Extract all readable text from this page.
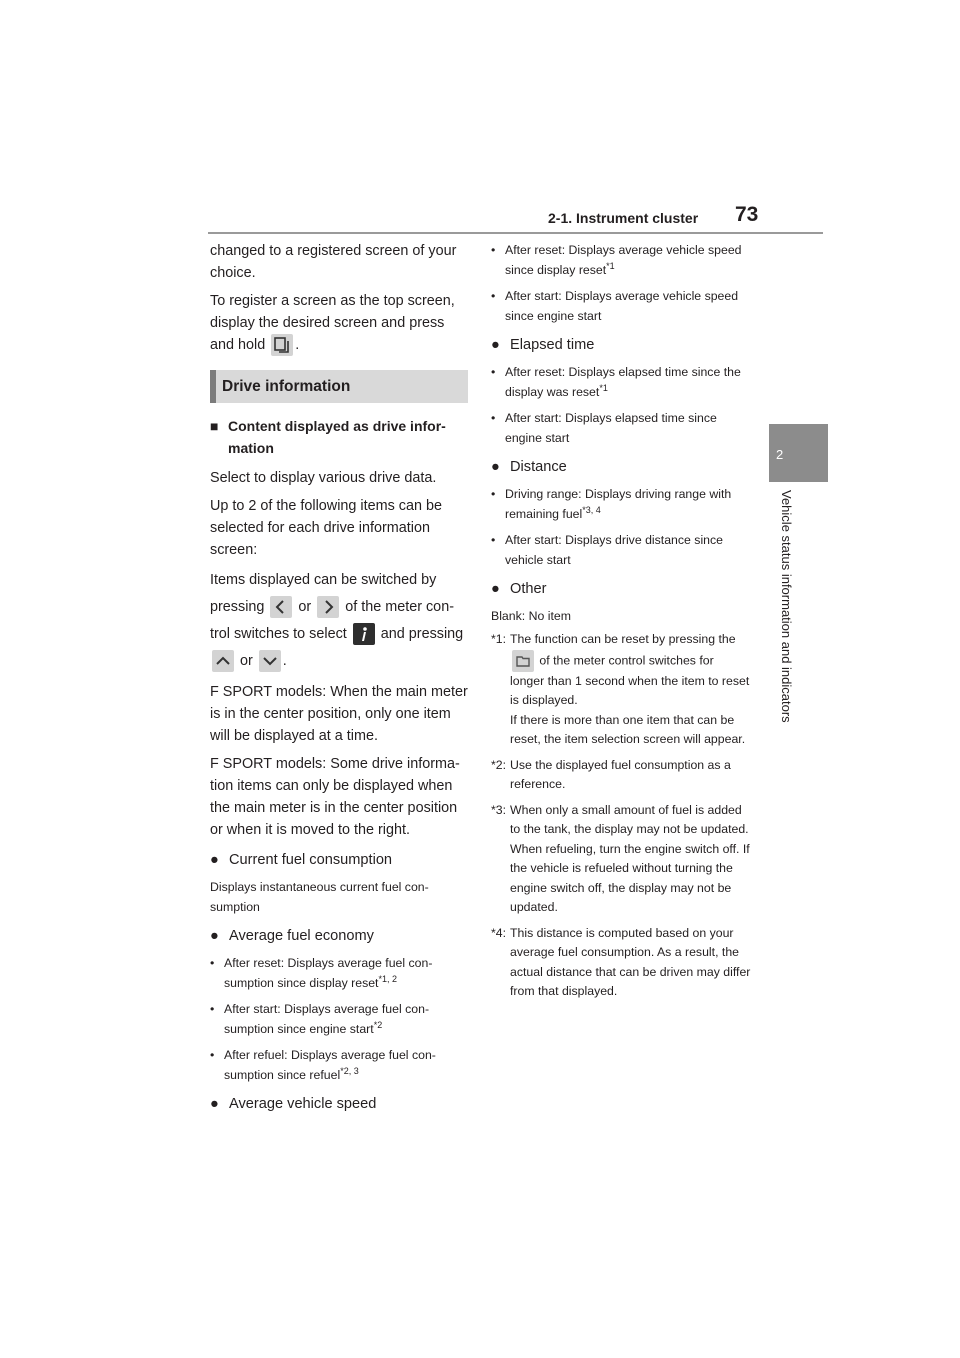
2-1. Instrument cluster 73
2
Vehicle status information and indicators

changed to a registered screen of your choice.

To register a screen as the top screen, display the desired screen and press and hold .

Drive information
■ Content displayed as drive infor-mation

Select to display various drive data.

Up to 2 of the following items can be selected for each drive information screen:

Items displayed can be switched by pressing or of the meter con-trol switches to select and pressing
or .

F SPORT models: When the main meter is in the center position, only one item will be displayed at a time.

F SPORT models: Some drive informa-tion items can only be displayed when the main meter is in the center position or when it is moved to the right.

● Current fuel consumption

Displays instantaneous current fuel con-sumption

● Average fuel economy
• After reset: Displays average fuel con-sumption since display reset$^{*1, 2}$
• After start: Displays average fuel con-sumption since engine start$^{*2}$
• After refuel: Displays average fuel con-sumption since refuel$^{*2, 3}$
● Average vehicle speed
• After reset: Displays average vehicle speed since display reset$^{*1}$
• After start: Displays average vehicle speed since engine start
● Elapsed time
• After reset: Displays elapsed time since the display was reset$^{*1}$
• After start: Displays elapsed time since engine start
● Distance
• Driving range: Displays driving range with remaining fuel$^{*3, 4}$
• After start: Displays drive distance since vehicle start
● Other

Blank: No item

*1: The function can be reset by pressing the
of the meter control switches for longer than 1 second when the item to reset is displayed.
If there is more than one item that can be reset, the item selection screen will appear.
*2: Use the displayed fuel consumption as a reference.
*3: When only a small amount of fuel is added to the tank, the display may not be updated.
When refueling, turn the engine switch off. If the vehicle is refueled without turning the engine switch off, the display may not be updated.
*4: This distance is computed based on your average fuel consumption. As a result, the actual distance that can be driven may differ from that displayed.
